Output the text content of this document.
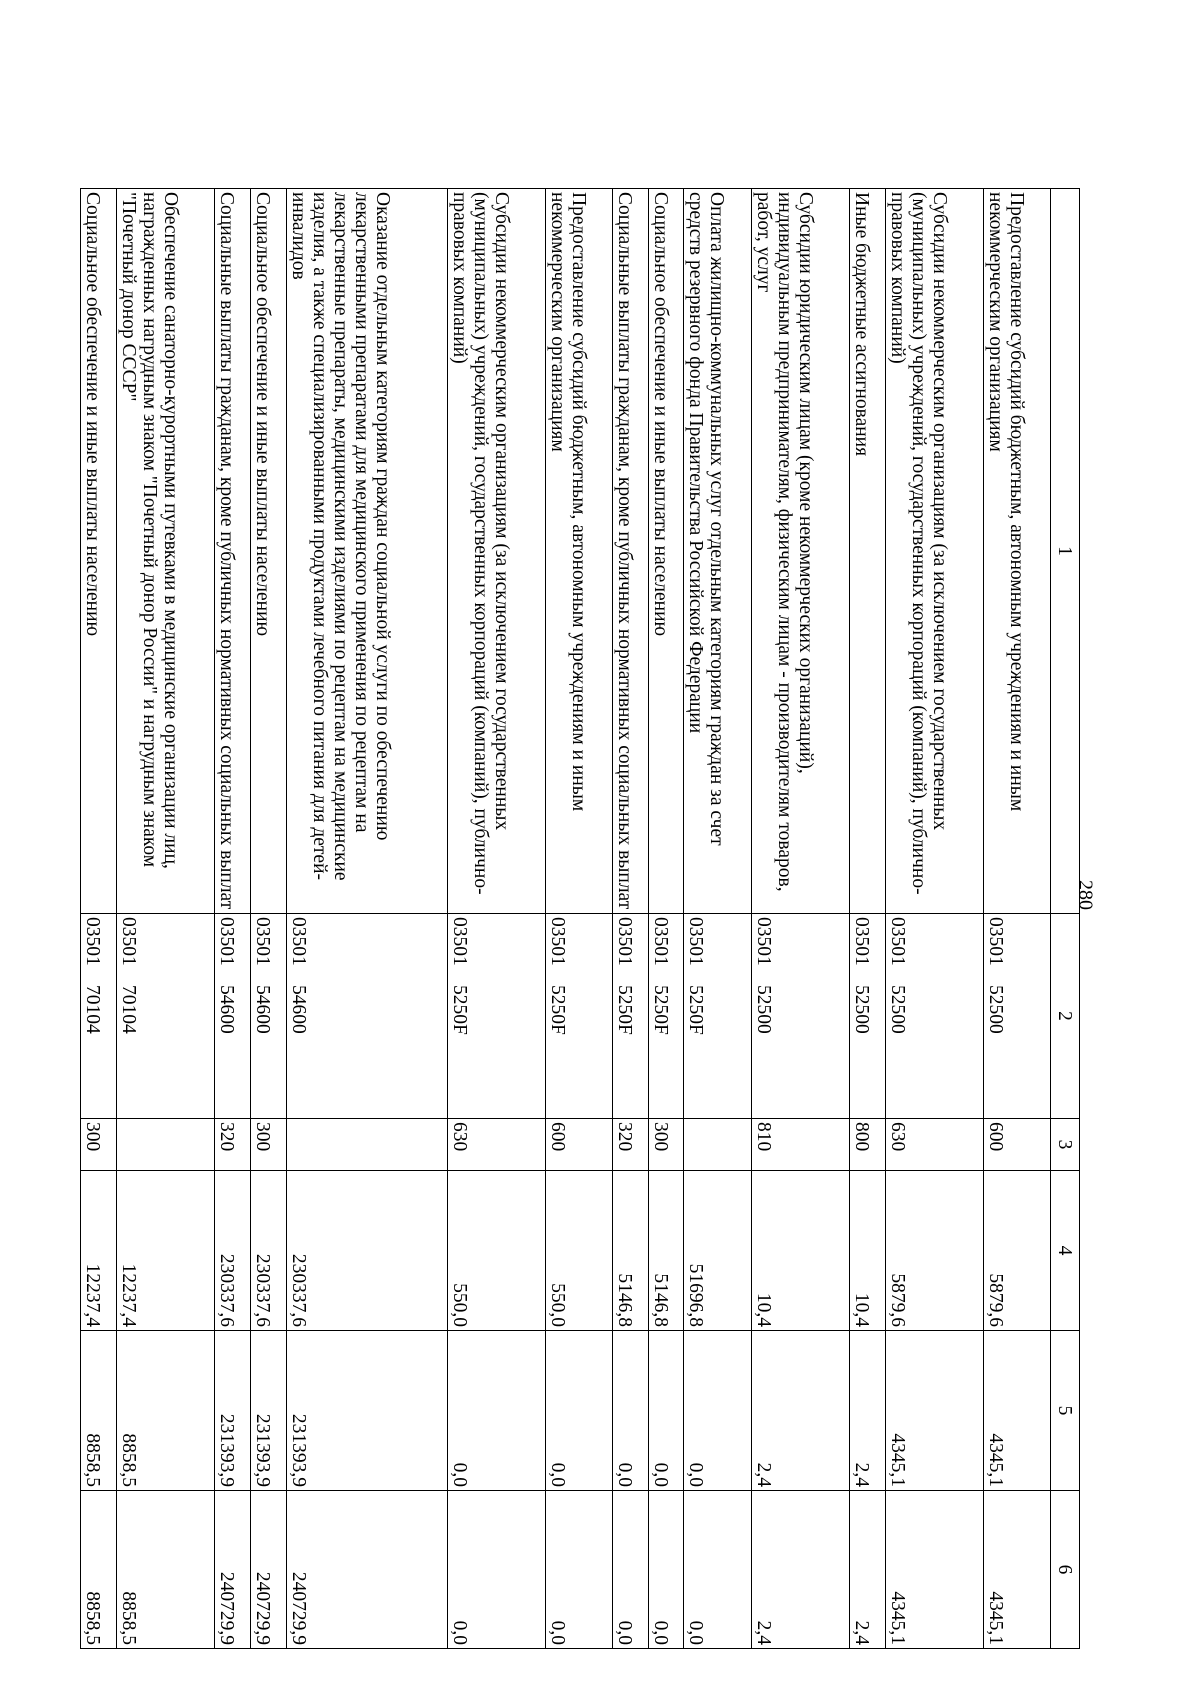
280
1	2	3	4	5	6
Предоставление субсидий бюджетным, автономным учреждениям и иным некоммерческим организациям	0350152500	600	5879,6	4345,1	4345,1
Субсидии некоммерческим организациям (за исключением государственных (муниципальных) учреждений, государственных корпораций (компаний), публично-правовых компаний)	0350152500	630	5879,6	4345,1	4345,1
Иные бюджетные ассигнования	0350152500	800	10,4	2,4	2,4
Субсидии юридическим лицам (кроме некоммерческих организаций), индивидуальным предпринимателям, физическим лицам - производителям товаров, работ, услуг	0350152500	810	10,4	2,4	2,4
Оплата жилищно-коммунальных услуг отдельным категориям граждан за счет средств резервного фонда Правительства Российской Федерации	035015250F		51696,8	0,0	0,0
Социальное обеспечение и иные выплаты населению	035015250F	300	5146,8	0,0	0,0
Социальные выплаты гражданам, кроме публичных нормативных социальных выплат	035015250F	320	5146,8	0,0	0,0
Предоставление субсидий бюджетным, автономным учреждениям и иным некоммерческим организациям	035015250F	600	550,0	0,0	0,0
Субсидии некоммерческим организациям (за исключением государственных (муниципальных) учреждений, государственных корпораций (компаний), публично-правовых компаний)	035015250F	630	550,0	0,0	0,0
Оказание отдельным категориям граждан социальной услуги по обеспечению лекарственными препаратами для медицинского применения по рецептам на лекарственные препараты, медицинскими изделиями по рецептам на медицинские изделия, а также специализированными продуктами лечебного питания для детей-инвалидов	0350154600		230337,6	231393,9	240729,9
Социальное обеспечение и иные выплаты населению	0350154600	300	230337,6	231393,9	240729,9
Социальные выплаты гражданам, кроме публичных нормативных социальных выплат	0350154600	320	230337,6	231393,9	240729,9
Обеспечение санаторно-курортными путевками в медицинские организации лиц, награжденных нагрудным знаком "Почетный донор России" и нагрудным знаком "Почетный донор СССР"	0350170104		12237,4	8858,5	8858,5
Социальное обеспечение и иные выплаты населению	0350170104	300	12237,4	8858,5	8858,5
